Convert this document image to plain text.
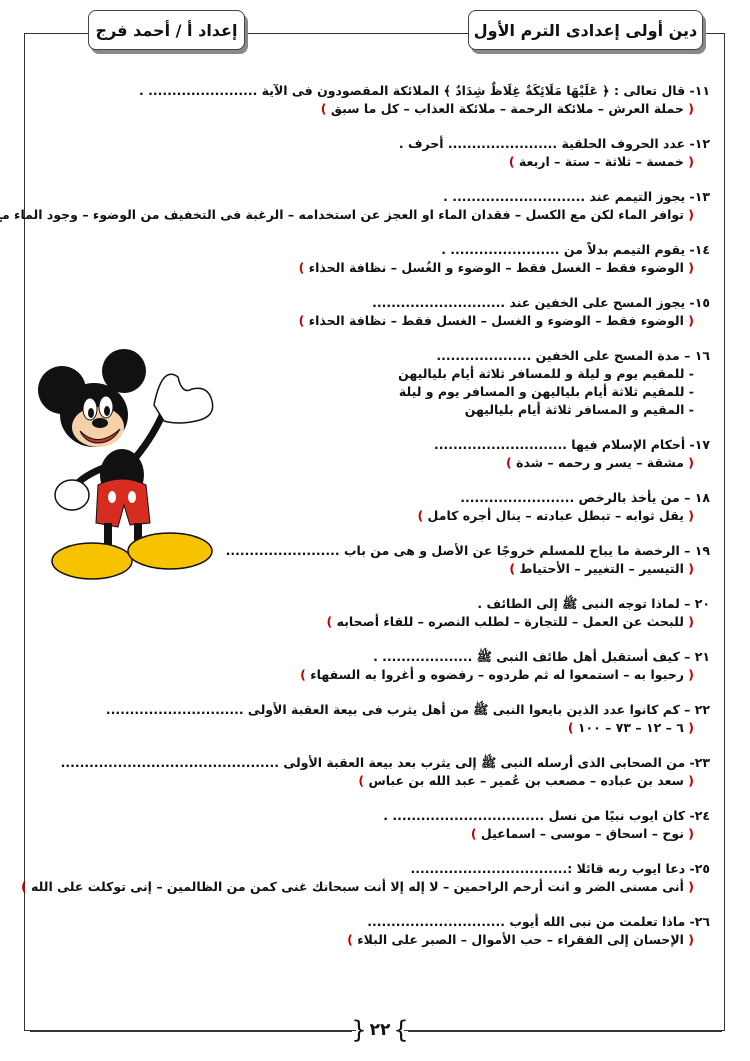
دين أولى إعدادى الترم الأول
إعداد أ / أحمد فرج
١١- قال تعالى : ﴿ عَلَيْهَا مَلَائِكَةٌ غِلَاظٌ شِدَادٌ ﴾ الملائكة المقصودون فى الآية ....................... .
( حملة العرش – ملئكة الرحمة – ملئكة العذاب – كل ما سبق )
١٢- عدد الحروف الحلقية ....................... أحرف .
( خمسة – ثلثة – ستة – اربعة )
١٣- يجوز التيمم عند ............................ .
( توافر الماء لكن مع الكسل – فقدان الماء او العجز عن استخدامه – الرغبة فى التخفيف من الوضوء – وجود الماء م
١٤- يقوم التيمم بدلاً من ....................... .
( الوضوء فقط – الغسل فقط – الوضوء و الغسل – نظافة الحذاء )
١٥- يجوز المسح على الخفين عند ............................
( الوضوء فقط – الوضوء و الغسل – الغسل فقط – نظافة الحذاء )
١٦ – مدة المسح على الخفين ....................
- للمقيم يوم و ليلة و للمسافر ثلاثة أيام بلياليهن
- للمقيم ثلاثة أيام بلياليهن و المسافر يوم و ليلة
- المقيم و المسافر ثلاثة أيام بلياليهن
١٧- أحكام الإسلام فيها ............................
( مشقة – يسر و رحمه – شدة )
١٨ – من يأخذ بالرخص ........................
( يقل ثوابه – تبطل عبادته – ينال أجره كامل )
١٩ – الرخصة ما يباح للمسلم خروجًا عن الأصل و هى من باب ........................
( التيسير – التغيير – الحتياط )
٢٠ – لماذا توجه النبى ﷺ إلى الطائف .
( للبحث عن العمل – للتجارة – لطلب النصره – للقاء أصحابه )
٢١ – كيف أستقبل أهل طائف النبى ﷺ ................... .
( رحبوا به – استمعوا له ثم طردوه – رفضوه و أغروا به السفهاء )
٢٢ – كم كانوا عدد الذين بايعوا النبى ﷺ من أهل يثرب فى بيعة العقبة الأولى .............................
( ٦ – ١٢ – ٧٣ – ١٠٠ )
٢٣- من الصحابى الذى أرسله النبى ﷺ إلى يثرب بعد بيعة العقبة الأولى ..............................................
( سعد بن عباده – مصعب بن عمير – عبد الله بن عباس )
٢٤- كان ايوب نبيًا من نسل ................................ .
( نوح – اسحاق – موسى – اسماعيل )
٢٥- دعا ايوب ربه قائلا :.................................
( أنى مسنى الضر و انت أرحم الراحمين – ل إله إل أنت سبحانك غنى كمن من الظالمين – إنى توكلت على الله )
٢٦- ماذا تعلمت من نبى الله أيوب .............................
( الحسان إلى الفقراء – حب الموال – الصبر على البلء )
} ٢٢ {
